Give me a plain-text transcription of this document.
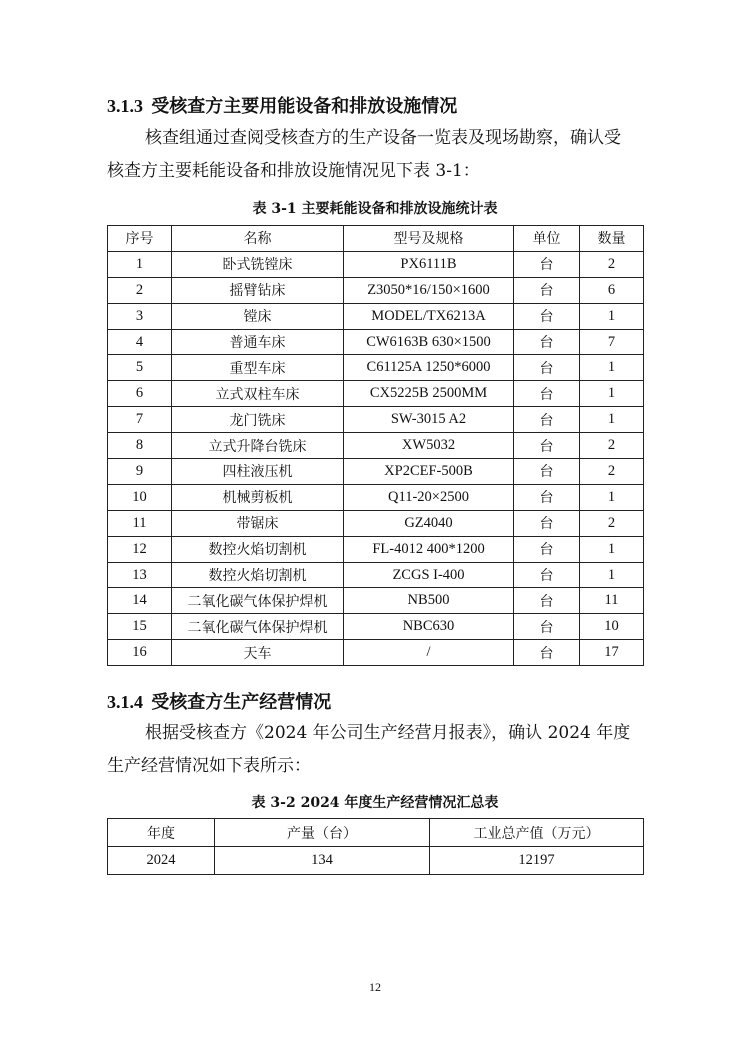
3.1.3 受核查方主要用能设备和排放设施情况
核查组通过查阅受核查方的生产设备一览表及现场勘察，确认受
核查方主要耗能设备和排放设施情况见下表 3-1：
表 3-1 主要耗能设备和排放设施统计表
序号	名称	型号及规格	单位	数量
1	卧式铣镗床	PX6111B	台	2
2	摇臂钻床	Z3050*16/150×1600	台	6
3	镗床	MODEL/TX6213A	台	1
4	普通车床	CW6163B 630×1500	台	7
5	重型车床	C61125A 1250*6000	台	1
6	立式双柱车床	CX5225B 2500MM	台	1
7	龙门铣床	SW-3015 A2	台	1
8	立式升降台铣床	XW5032	台	2
9	四柱液压机	XP2CEF-500B	台	2
10	机械剪板机	Q11-20×2500	台	1
11	带锯床	GZ4040	台	2
12	数控火焰切割机	FL-4012 400*1200	台	1
13	数控火焰切割机	ZCGS I-400	台	1
14	二氧化碳气体保护焊机	NB500	台	11
15	二氧化碳气体保护焊机	NBC630	台	10
16	天车	/	台	17
3.1.4 受核查方生产经营情况
根据受核查方《2024 年公司生产经营月报表》，确认 2024 年度
生产经营情况如下表所示：
表 3-2 2024 年度生产经营情况汇总表
年度	产量（台）	工业总产值（万元）
2024	134	12197
12
